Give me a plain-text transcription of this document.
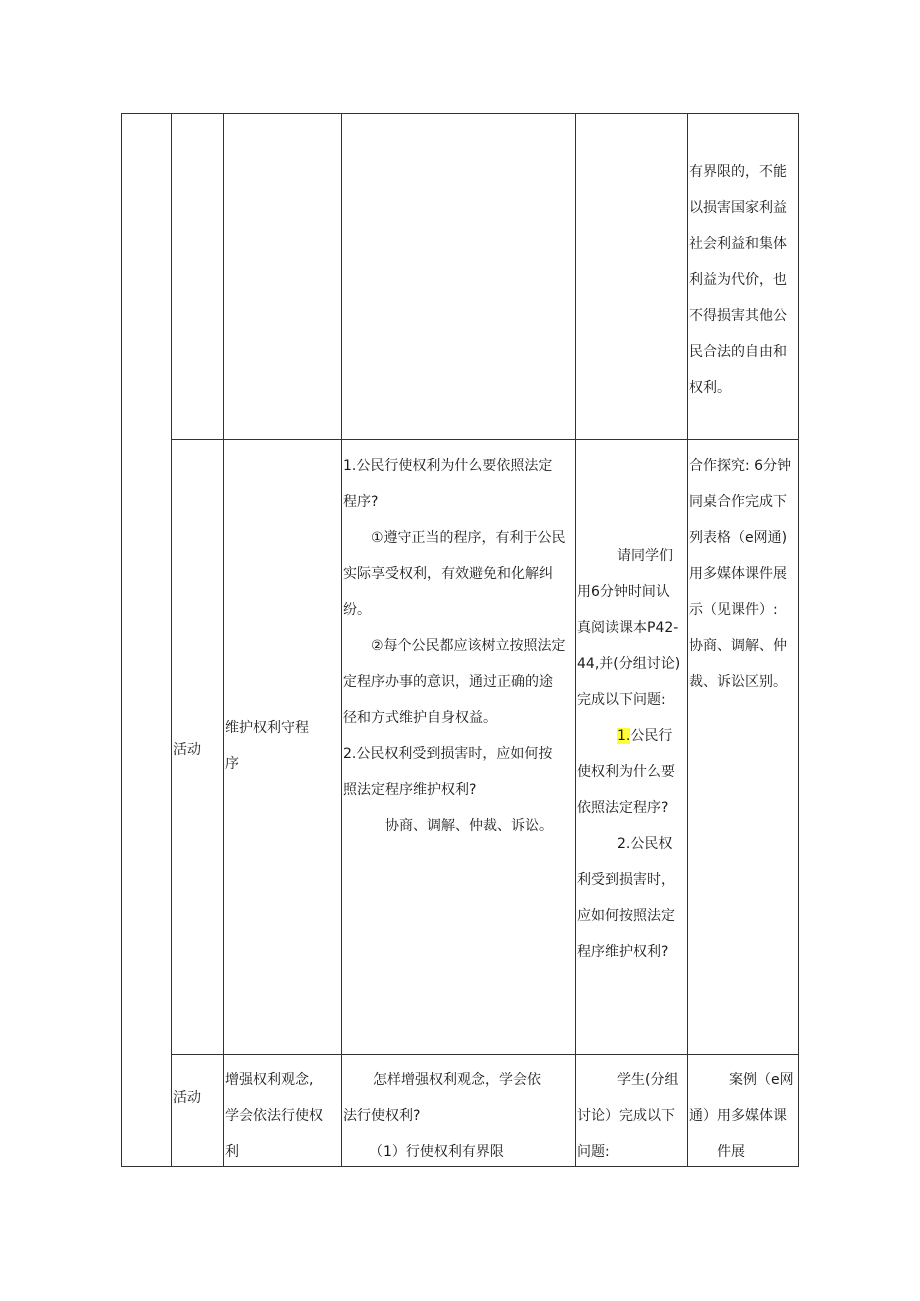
有界限的，不能

以损害国家利益

社会利益和集体

利益为代价，也

不得损害其他公

民合法的自由和

权利。

活动

维护权利守程

序

1.公民行使权利为什么要依照法定

程序?

①遵守正当的程序，有利于公民

实际享受权利，有效避免和化解纠

纷。

②每个公民都应该树立按照法定

定程序办事的意识，通过正确的途

径和方式维护自身权益。

2.公民权利受到损害时，应如何按

照法定程序维护权利?

协商、调解、仲裁、诉讼。

请同学们

用6分钟时间认

真阅读课本P42-

44,并(分组讨论)

完成以下问题:

1.公民行

使权利为什么要

依照法定程序?

2.公民权

利受到损害时，

应如何按照法定

程序维护权利?

合作探究: 6分钟

同桌合作完成下

列表格（e网通)

用多媒体课件展

示（见课件）:

协商、调解、仲

裁、诉讼区别。

活动

增强权利观念,

学会依法行使权

利

怎样增强权利观念，学会依

法行使权利?

（1）行使权利有界限

学生(分组

讨论）完成以下

问题:

案例（e网

通）用多媒体课

件展
